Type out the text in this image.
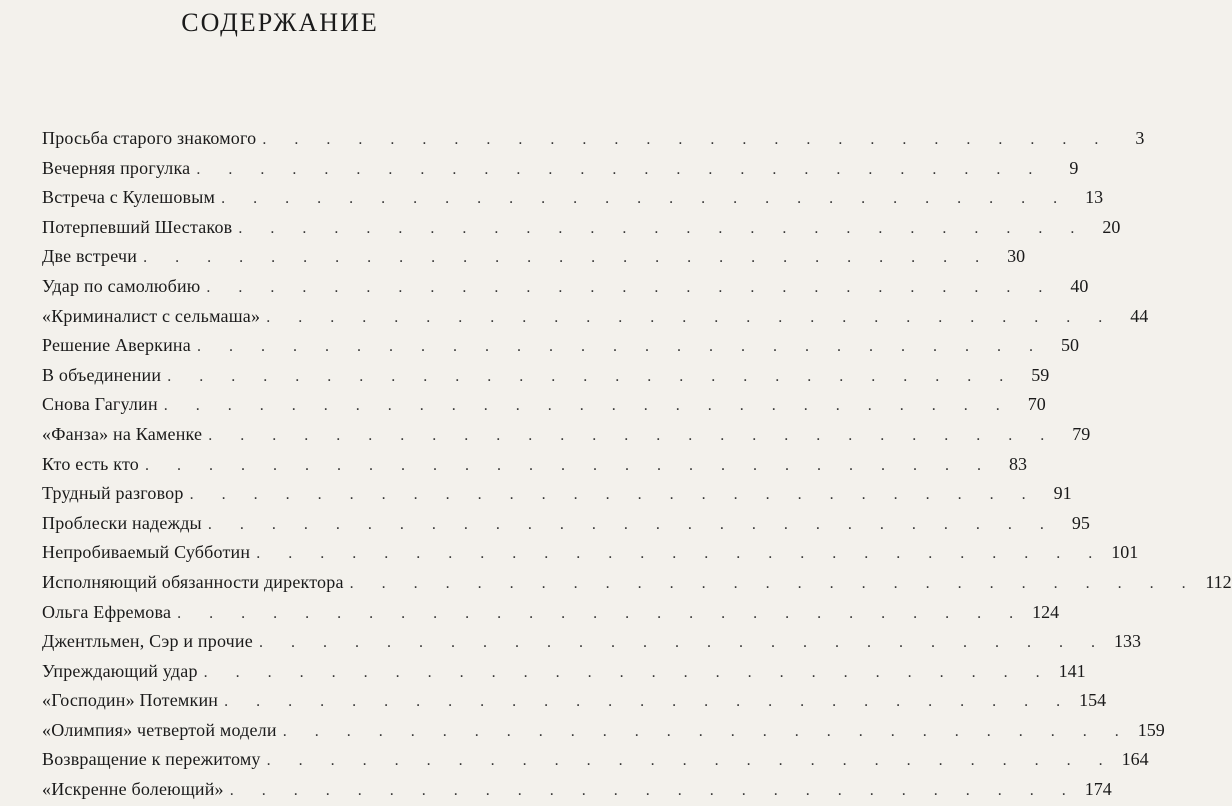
СОДЕРЖАНИЕ
Просьба старого знакомого . . . . . . . . . . . . . . . . . . . . . . . . . . .	3
Вечерняя прогулка . . . . . . . . . . . . . . . . . . . . . . . . . . .	9
Встреча с Кулешовым . . . . . . . . . . . . . . . . . . . . . . . . . . . 13
Потерпевший Шестаков . . . . . . . . . . . . . . . . . . . . . . . . . . . 20
Две встречи . . . . . . . . . . . . . . . . . . . . . . . . . . . 30
Удар по самолюбию . . . . . . . . . . . . . . . . . . . . . . . . . . . 40
«Криминалист с сельмаша» . . . . . . . . . . . . . . . . . . . . . . . . . . . 44
Решение Аверкина . . . . . . . . . . . . . . . . . . . . . . . . . . . 50
В объединении . . . . . . . . . . . . . . . . . . . . . . . . . . . 59
Снова Гагулин . . . . . . . . . . . . . . . . . . . . . . . . . . . 70
«Фанза» на Каменке . . . . . . . . . . . . . . . . . . . . . . . . . . . 79
Кто есть кто . . . . . . . . . . . . . . . . . . . . . . . . . . . 83
Трудный разговор . . . . . . . . . . . . . . . . . . . . . . . . . . . 91
Проблески надежды . . . . . . . . . . . . . . . . . . . . . . . . . . . 95
Непробиваемый Субботин . . . . . . . . . . . . . . . . . . . . . . . . . . . 101
Исполняющий обязанности директора . . . . . . . . . . . . . . . . . . . . . . . . . . . 112
Ольга Ефремова . . . . . . . . . . . . . . . . . . . . . . . . . . . 124
Джентльмен, Сэр и прочие . . . . . . . . . . . . . . . . . . . . . . . . . . . 133
Упреждающий удар . . . . . . . . . . . . . . . . . . . . . . . . . . . 141
«Господин» Потемкин . . . . . . . . . . . . . . . . . . . . . . . . . . . 154
«Олимпия» четвертой модели . . . . . . . . . . . . . . . . . . . . . . . . . . . 159
Возвращение к пережитому . . . . . . . . . . . . . . . . . . . . . . . . . . . 164
«Искренне болеющий» . . . . . . . . . . . . . . . . . . . . . . . . . . . 174
